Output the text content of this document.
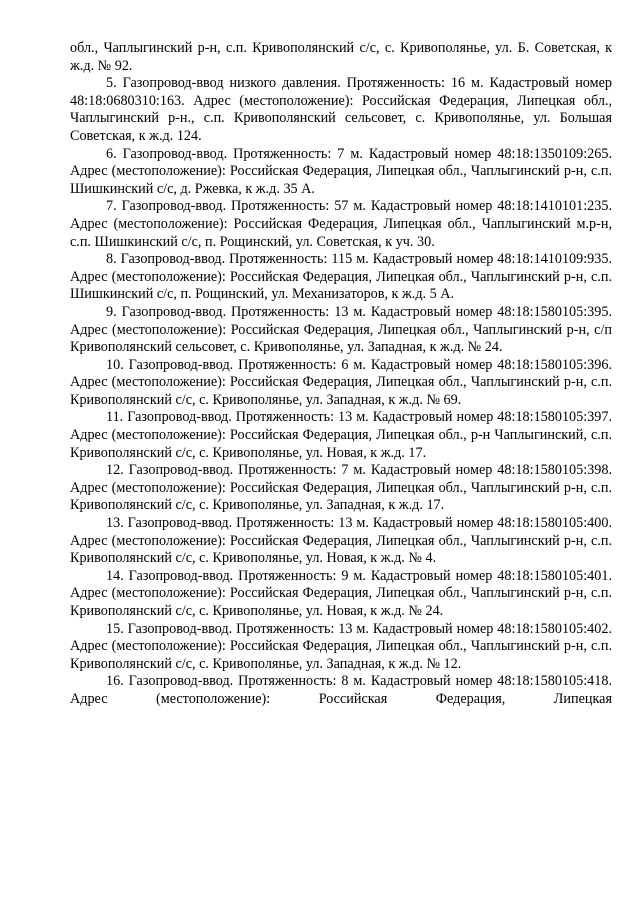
обл., Чаплыгинский р-н, с.п. Кривополянский с/с, с. Кривополянье, ул. Б. Советская, к ж.д. № 92.

5. Газопровод-ввод низкого давления. Протяженность: 16 м. Кадастровый номер 48:18:0680310:163. Адрес (местоположение): Российская Федерация, Липецкая обл., Чаплыгинский р-н., с.п. Кривополянский сельсовет, с. Кривополянье, ул. Большая Советская, к ж.д. 124.

6. Газопровод-ввод. Протяженность: 7 м. Кадастровый номер 48:18:1350109:265. Адрес (местоположение): Российская Федерация, Липецкая обл., Чаплыгинский р-н, с.п. Шишкинский с/с, д. Ржевка, к ж.д. 35 А.

7. Газопровод-ввод. Протяженность: 57 м. Кадастровый номер 48:18:1410101:235. Адрес (местоположение): Российская Федерация, Липецкая обл., Чаплыгинский м.р-н, с.п. Шишкинский с/с, п. Рощинский, ул. Советская, к уч. 30.

8. Газопровод-ввод. Протяженность: 115 м. Кадастровый номер 48:18:1410109:935. Адрес (местоположение): Российская Федерация, Липецкая обл., Чаплыгинский р-н, с.п. Шишкинский с/с, п. Рощинский, ул. Механизаторов, к ж.д. 5 А.

9. Газопровод-ввод. Протяженность: 13 м. Кадастровый номер 48:18:1580105:395. Адрес (местоположение): Российская Федерация, Липецкая обл., Чаплыгинский р-н, с/п Кривополянский сельсовет, с. Кривополянье, ул. Западная, к ж.д. № 24.

10. Газопровод-ввод. Протяженность: 6 м. Кадастровый номер 48:18:1580105:396. Адрес (местоположение): Российская Федерация, Липецкая обл., Чаплыгинский р-н, с.п. Кривополянский с/с, с. Кривополянье, ул. Западная, к ж.д. № 69.

11. Газопровод-ввод. Протяженность: 13 м. Кадастровый номер 48:18:1580105:397. Адрес (местоположение): Российская Федерация, Липецкая обл., р-н Чаплыгинский, с.п. Кривополянский с/с, с. Кривополянье, ул. Новая, к ж.д. 17.

12. Газопровод-ввод. Протяженность: 7 м. Кадастровый номер 48:18:1580105:398. Адрес (местоположение): Российская Федерация, Липецкая обл., Чаплыгинский р-н, с.п. Кривополянский с/с, с. Кривополянье, ул. Западная, к ж.д. 17.

13. Газопровод-ввод. Протяженность: 13 м. Кадастровый номер 48:18:1580105:400. Адрес (местоположение): Российская Федерация, Липецкая обл., Чаплыгинский р-н, с.п. Кривополянский с/с, с. Кривополянье, ул. Новая, к ж.д. № 4.

14. Газопровод-ввод. Протяженность: 9 м. Кадастровый номер 48:18:1580105:401. Адрес (местоположение): Российская Федерация, Липецкая обл., Чаплыгинский р-н, с.п. Кривополянский с/с, с. Кривополянье, ул. Новая, к ж.д. № 24.

15. Газопровод-ввод. Протяженность: 13 м. Кадастровый номер 48:18:1580105:402. Адрес (местоположение): Российская Федерация, Липецкая обл., Чаплыгинский р-н, с.п. Кривополянский с/с, с. Кривополянье, ул. Западная, к ж.д. № 12.

16. Газопровод-ввод. Протяженность: 8 м. Кадастровый номер 48:18:1580105:418. Адрес (местоположение): Российская Федерация, Липецкая
